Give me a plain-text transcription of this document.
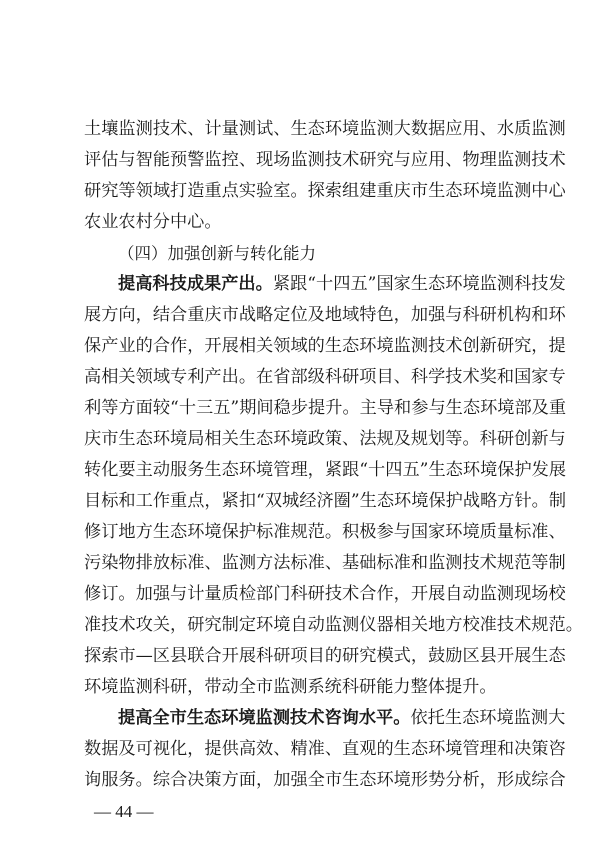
土 壤 监 测 技 术 、 计 量 测 试 、 生 态 环 境 监 测 大 数 据 应 用 、 水 质 监 测
评 估 与 智 能 预 警 监 控 、 现 场 监 测 技 术 研 究 与 应 用 、 物 理 监 测 技 术
研 究 等 领 域 打 造 重 点 实 验 室 。 探 索 组 建 重 庆 市 生 态 环 境 监 测 中 心
农业农村分中心。
（四）加强创新与转化能力
提 高 科 技 成 果 产 出 。 紧 跟 “ 十 四 五 ” 国 家 生 态 环 境 监 测 科 技 发
展 方 向 ， 结 合 重 庆 市 战 略 定 位 及 地 域 特 色 ， 加 强 与 科 研 机 构 和 环
保 产 业 的 合 作 ， 开 展 相 关 领 域 的 生 态 环 境 监 测 技 术 创 新 研 究 ， 提
高 相 关 领 域 专 利 产 出 。 在 省 部 级 科 研 项 目 、 科 学 技 术 奖 和 国 家 专
利 等 方 面 较 “ 十 三 五 ” 期 间 稳 步 提 升 。 主 导 和 参 与 生 态 环 境 部 及 重
庆 市 生 态 环 境 局 相 关 生 态 环 境 政 策 、 法 规 及 规 划 等 。 科 研 创 新 与
转 化 要 主 动 服 务 生 态 环 境 管 理 ， 紧 跟 “ 十 四 五 ” 生 态 环 境 保 护 发 展
目 标 和 工 作 重 点 ， 紧 扣 “ 双 城 经 济 圈 ” 生 态 环 境 保 护 战 略 方 针 。 制
修 订 地 方 生 态 环 境 保 护 标 准 规 范 。 积 极 参 与 国 家 环 境 质 量 标 准 、
污 染 物 排 放 标 准 、 监 测 方 法 标 准 、 基 础 标 准 和 监 测 技 术 规 范 等 制
修 订 。 加 强 与 计 量 质 检 部 门 科 研 技 术 合 作 ， 开 展 自 动 监 测 现 场 校
准 技 术 攻 关 ， 研 究 制 定 环 境 自 动 监 测 仪 器 相 关 地 方 校 准 技 术 规 范 。
探 索 市 — 区 县 联 合 开 展 科 研 项 目 的 研 究 模 式 ， 鼓 励 区 县 开 展 生 态
环境监测科研，带动全市监测系统科研能力整体提升。
提 高 全 市 生 态 环 境 监 测 技 术 咨 询 水 平 。 依 托 生 态 环 境 监 测 大
数 据 及 可 视 化 ， 提 供 高 效 、 精 准 、 直 观 的 生 态 环 境 管 理 和 决 策 咨
询 服 务 。 综 合 决 策 方 面 ， 加 强 全 市 生 态 环 境 形 势 分 析 ， 形 成 综 合
— 44 —
